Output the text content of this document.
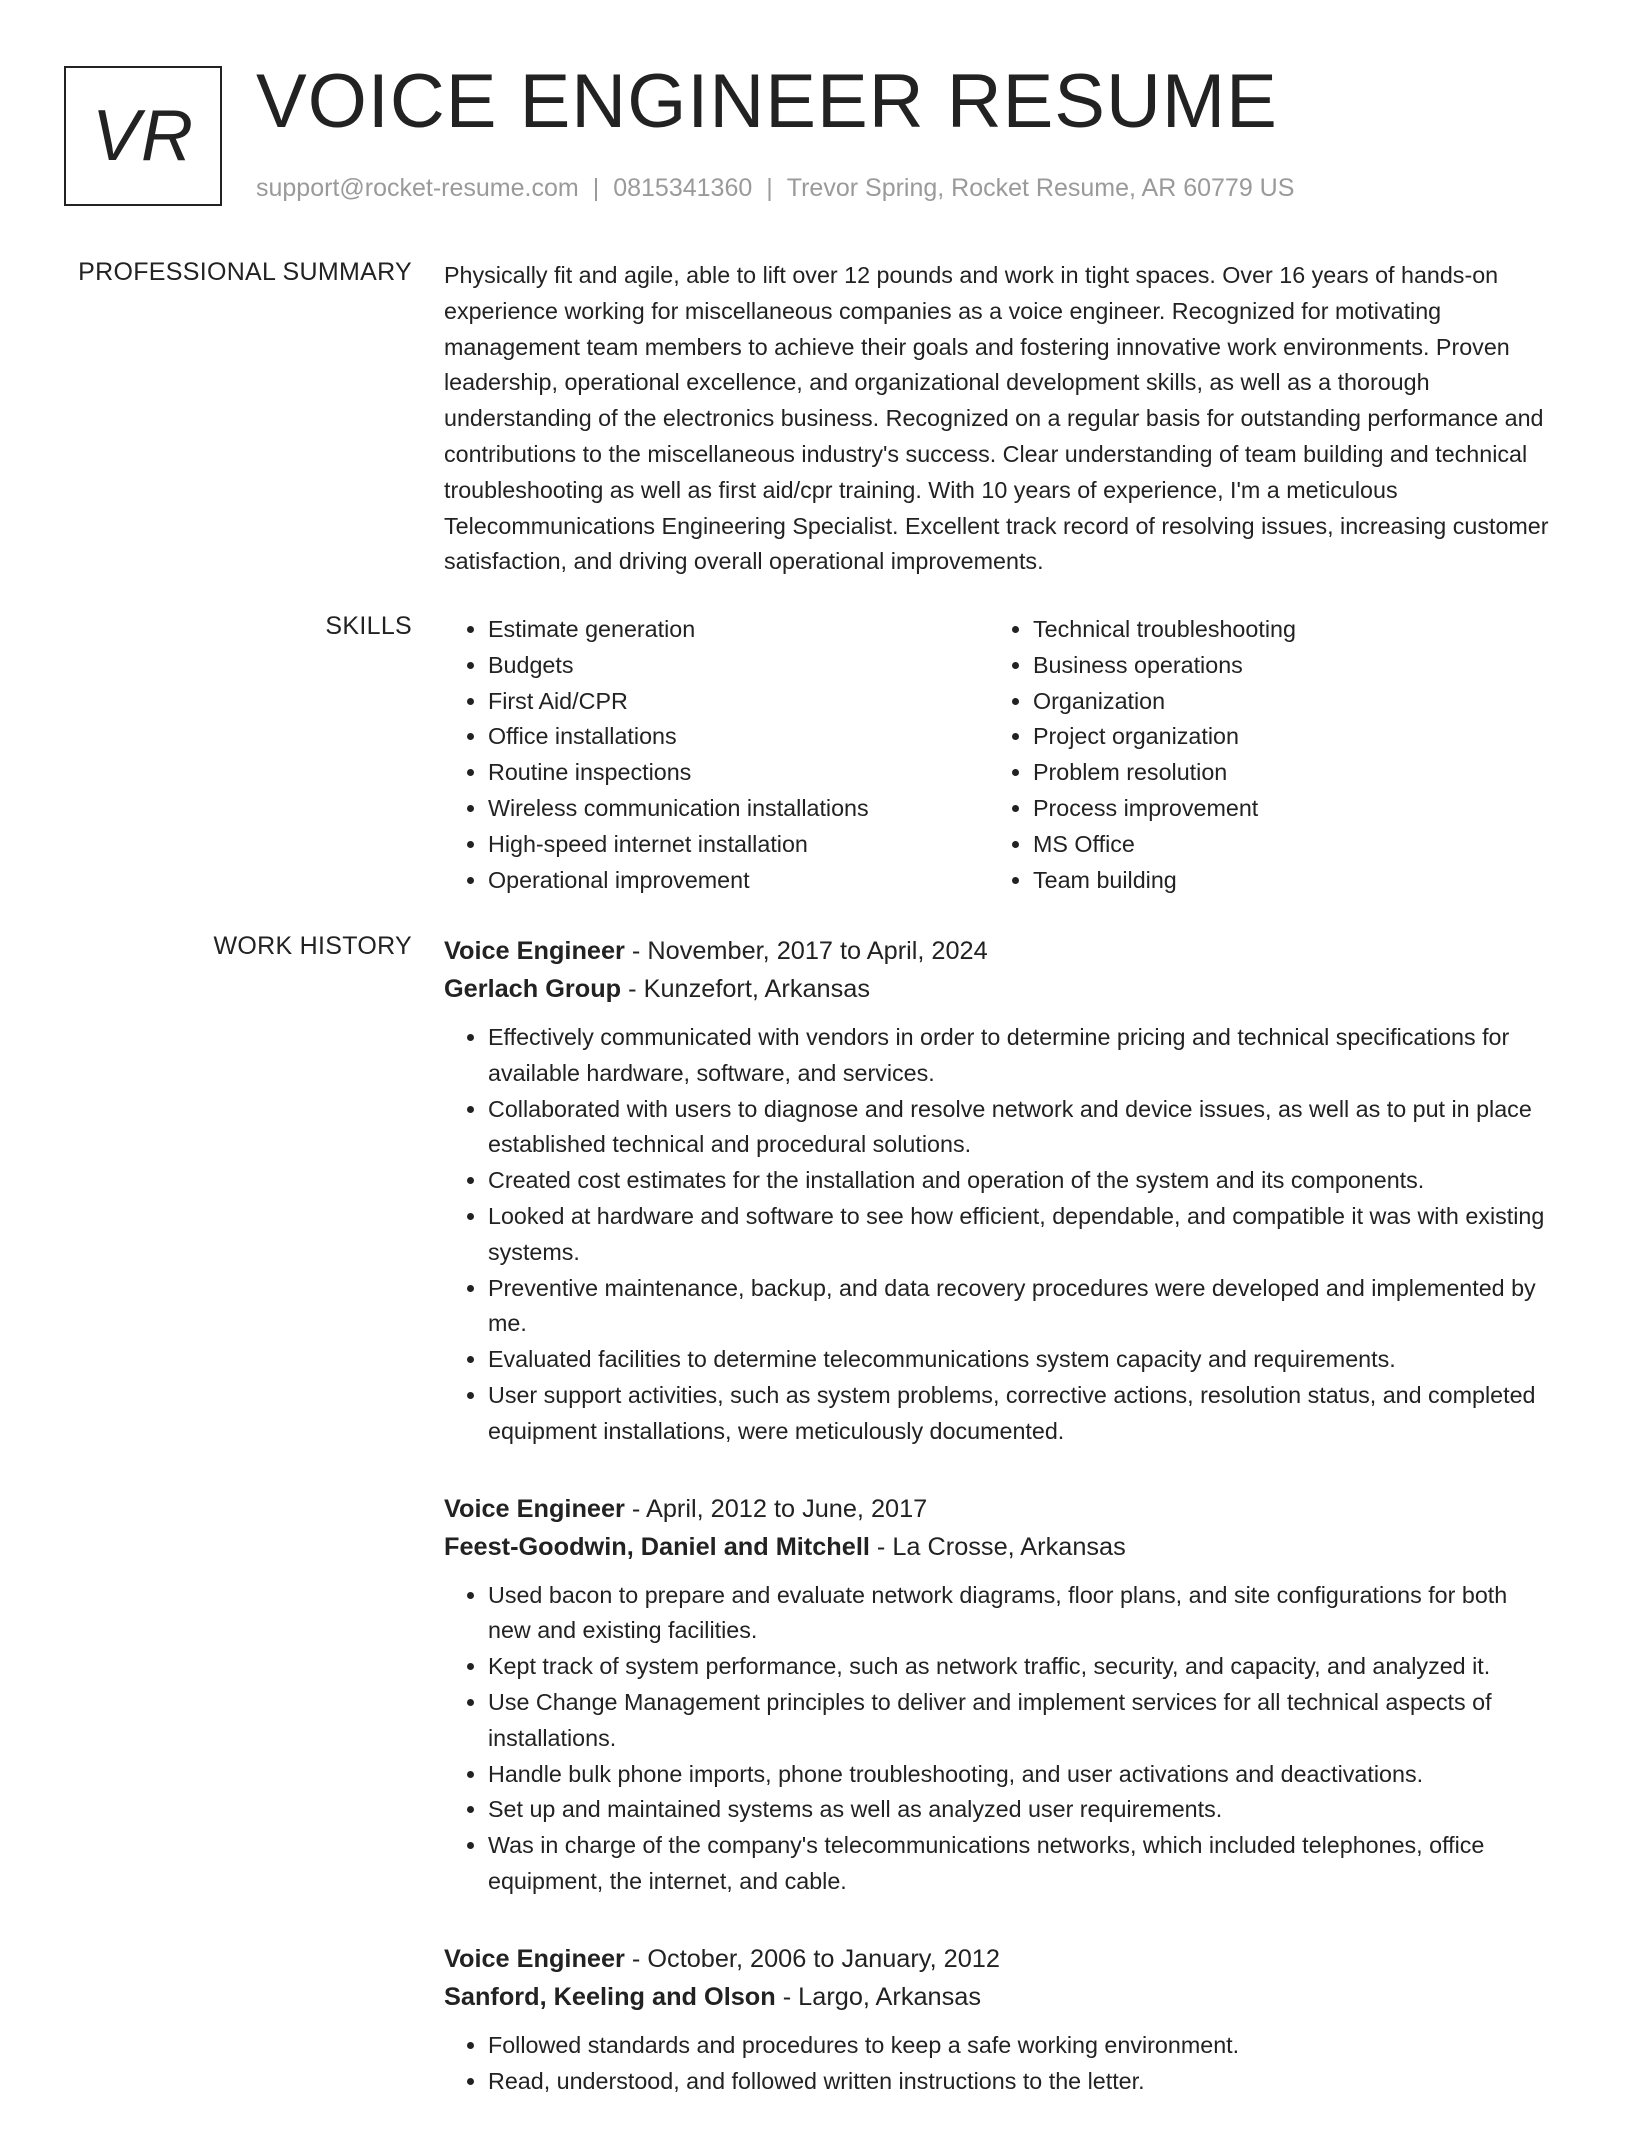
VR VOICE ENGINEER RESUME
support@rocket-resume.com | 0815341360 | Trevor Spring, Rocket Resume, AR 60779 US
PROFESSIONAL SUMMARY Physically fit and agile, able to lift over 12 pounds and work in tight spaces. Over 16 years of hands-on experience working for miscellaneous companies as a voice engineer. Recognized for motivating management team members to achieve their goals and fostering innovative work environments. Proven leadership, operational excellence, and organizational development skills, as well as a thorough understanding of the electronics business. Recognized on a regular basis for outstanding performance and contributions to the miscellaneous industry's success. Clear understanding of team building and technical troubleshooting as well as first aid/cpr training. With 10 years of experience, I'm a meticulous Telecommunications Engineering Specialist. Excellent track record of resolving issues, increasing customer satisfaction, and driving overall operational improvements.

SKILLS
•	Estimate generation
• Budgets
• First Aid/CPR
• Office installations
• Routine inspections
• Wireless communication installations
• High-speed internet installation
• Operational improvement
• Technical troubleshooting
• Business operations
• Organization
• Project organization
• Problem resolution
• Process improvement
• MS Office
• Team building
WORK HISTORY Voice Engineer - November, 2017 to April, 2024
Gerlach Group - Kunzefort, Arkansas
• Effectively communicated with vendors in order to determine pricing and technical specifications for available hardware, software, and services.
• Collaborated with users to diagnose and resolve network and device issues, as well as to put in place established technical and procedural solutions.
• Created cost estimates for the installation and operation of the system and its components.
• Looked at hardware and software to see how efficient, dependable, and compatible it was with existing systems.
• Preventive maintenance, backup, and data recovery procedures were developed and implemented by me.
• Evaluated facilities to determine telecommunications system capacity and requirements.
• User support activities, such as system problems, corrective actions, resolution status, and completed equipment installations, were meticulously documented.
Voice Engineer - April, 2012 to June, 2017
Feest-Goodwin, Daniel and Mitchell - La Crosse, Arkansas
• Used bacon to prepare and evaluate network diagrams, floor plans, and site configurations for both new and existing facilities.
• Kept track of system performance, such as network traffic, security, and capacity, and analyzed it.
• Use Change Management principles to deliver and implement services for all technical aspects of installations.
• Handle bulk phone imports, phone troubleshooting, and user activations and deactivations.
• Set up and maintained systems as well as analyzed user requirements.
• Was in charge of the company's telecommunications networks, which included telephones, office equipment, the internet, and cable.
Voice Engineer - October, 2006 to January, 2012
Sanford, Keeling and Olson - Largo, Arkansas
• Followed standards and procedures to keep a safe working environment.
• Read, understood, and followed written instructions to the letter.
